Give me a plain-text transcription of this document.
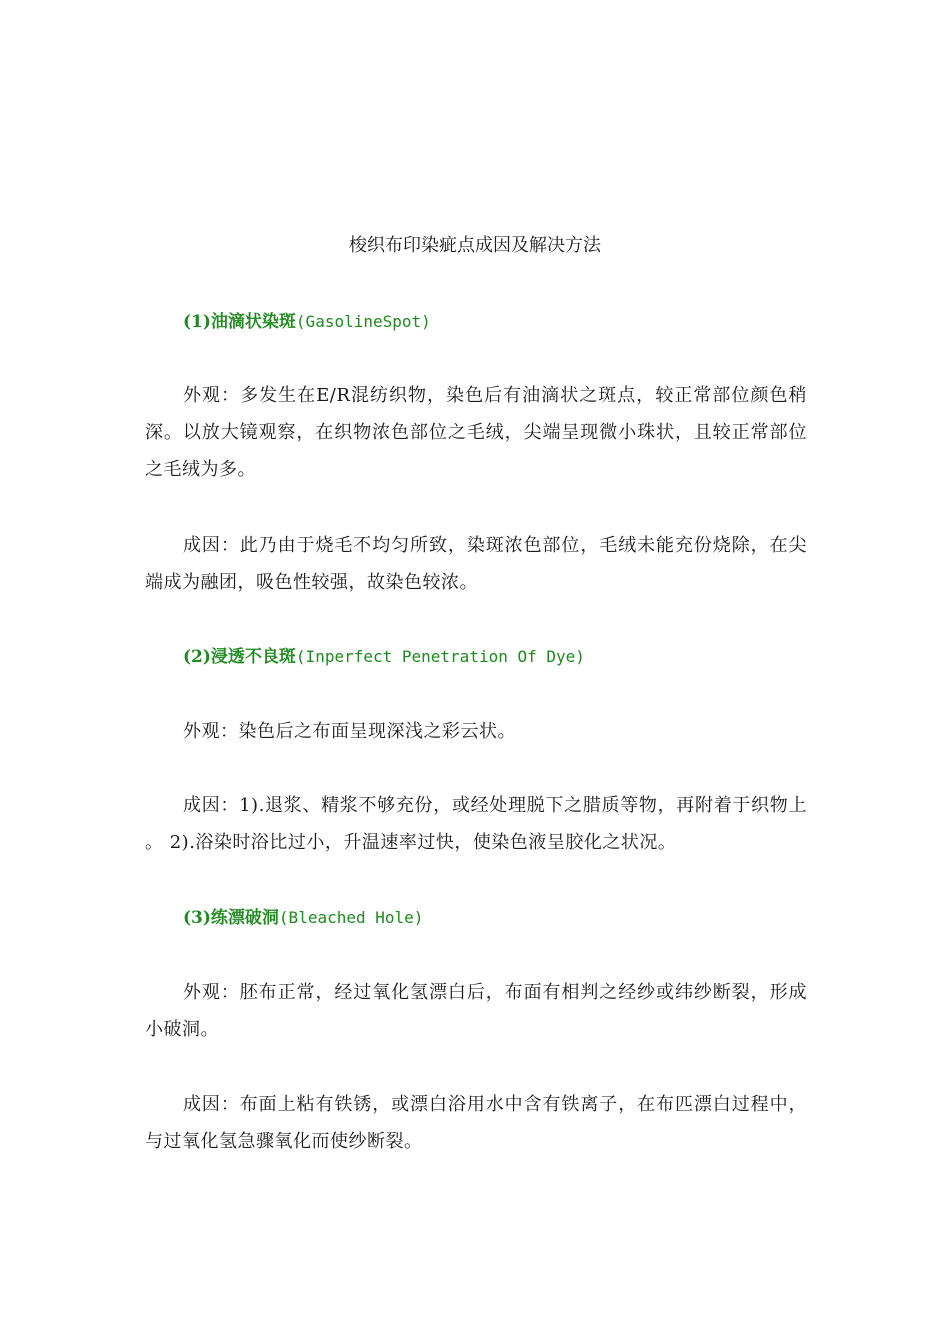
梭织布印染疵点成因及解决方法
(1)油滴状染斑(GasolineSpot)

外观：多发生在E/R混纺织物，染色后有油滴状之斑点，较正常部位颜色稍深。以放大镜观察，在织物浓色部位之毛绒，尖端呈现微小珠状，且较正常部位之毛绒为多。

成因：此乃由于烧毛不均匀所致，染斑浓色部位，毛绒未能充份烧除，在尖端成为融团，吸色性较强，故染色较浓。

(2)浸透不良斑(Inperfect Penetration Of Dye)

外观：染色后之布面呈现深浅之彩云状。

成因：1).退浆、精浆不够充份，或经处理脱下之腊质等物，再附着于织物上 。 2).浴染时浴比过小，升温速率过快，使染色液呈胶化之状况。

(3)练漂破洞(Bleached Hole)

外观：胚布正常，经过氧化氢漂白后，布面有相判之经纱或纬纱断裂，形成小破洞。

成因：布面上粘有铁锈，或漂白浴用水中含有铁离子，在布匹漂白过程中，与过氧化氢急骤氧化而使纱断裂。
